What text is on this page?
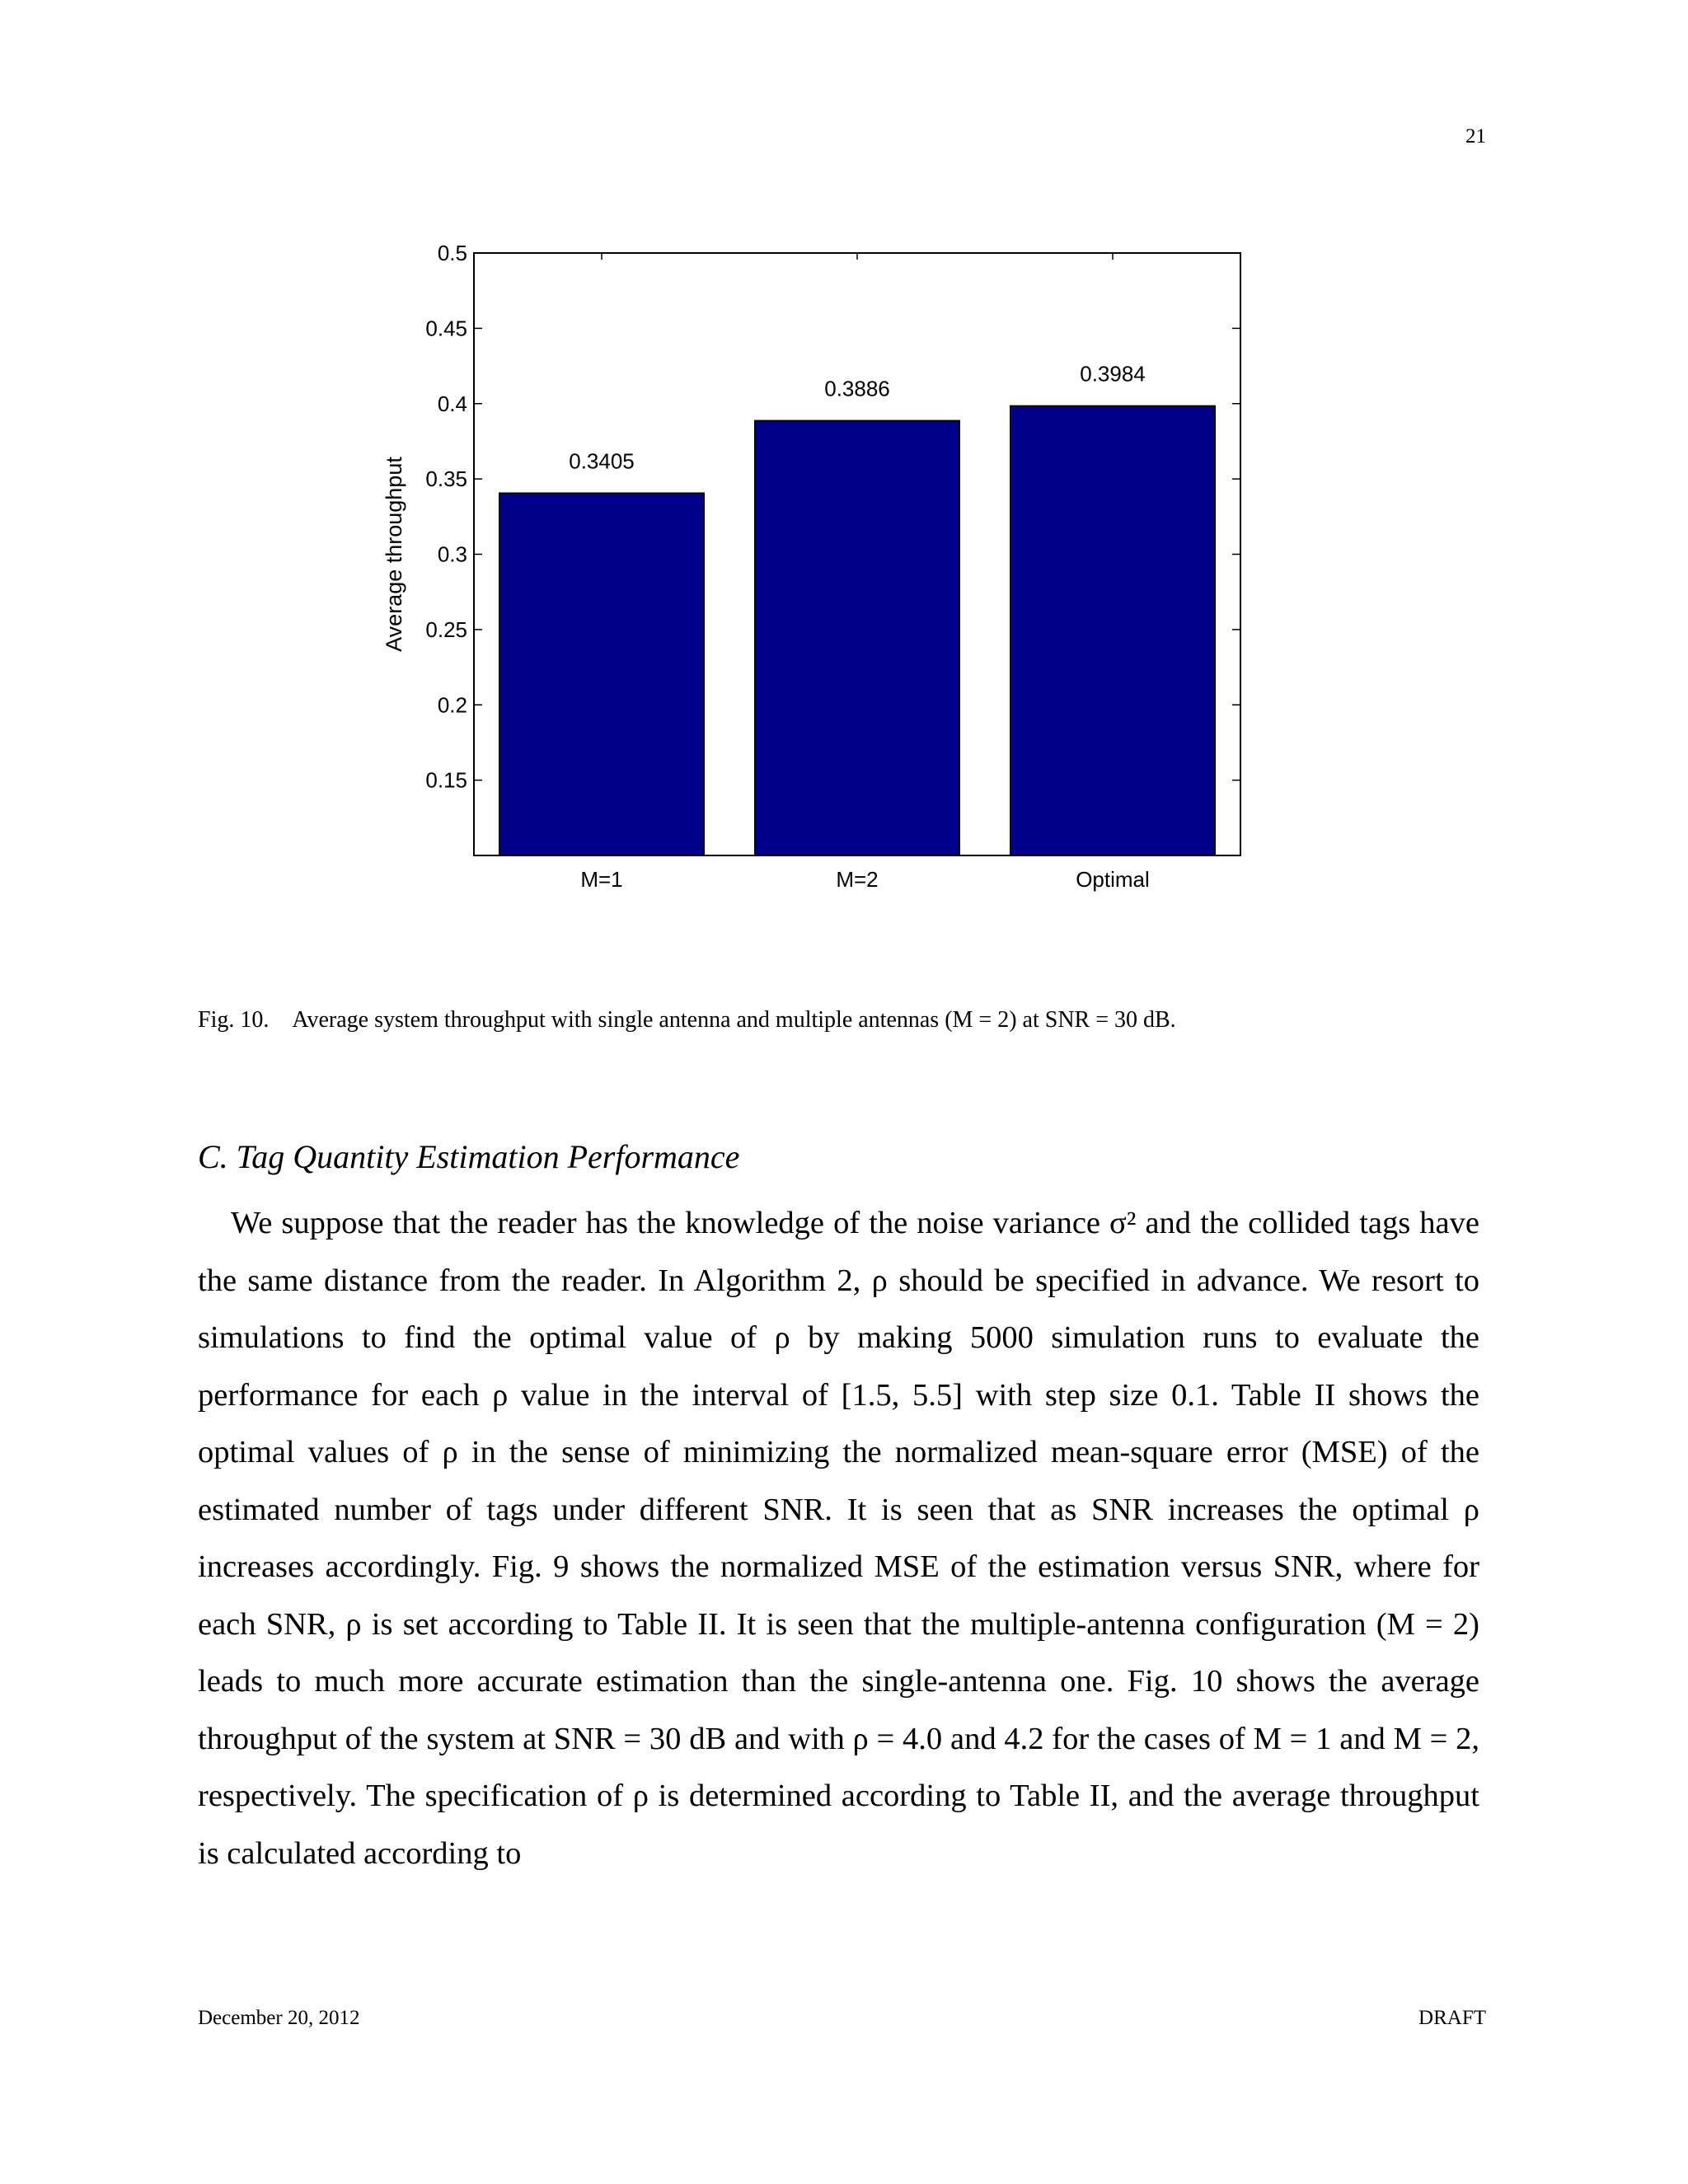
21
0.3405
M=1
0.3886
M=2
0.3984
Optimal
0.15
0.2
0.25
0.3
0.35
0.4
0.45
0.5
Average throughput
Fig. 10. Average system throughput with single antenna and multiple antennas (M = 2) at SNR = 30 dB.
C. Tag Quantity Estimation Performance

We suppose that the reader has the knowledge of the noise variance σ² and the collided tags have the same distance from the reader. In Algorithm 2, ρ should be specified in advance. We resort to simulations to find the optimal value of ρ by making 5000 simulation runs to evaluate the performance for each ρ value in the interval of [1.5, 5.5] with step size 0.1. Table II shows the optimal values of ρ in the sense of minimizing the normalized mean-square error (MSE) of the estimated number of tags under different SNR. It is seen that as SNR increases the optimal ρ increases accordingly. Fig. 9 shows the normalized MSE of the estimation versus SNR, where for each SNR, ρ is set according to Table II. It is seen that the multiple-antenna configuration (M = 2) leads to much more accurate estimation than the single-antenna one. Fig. 10 shows the average throughput of the system at SNR = 30 dB and with ρ = 4.0 and 4.2 for the cases of M = 1 and M = 2, respectively. The specification of ρ is determined according to Table II, and the average throughput is calculated according to

December 20, 2012	DRAFT
